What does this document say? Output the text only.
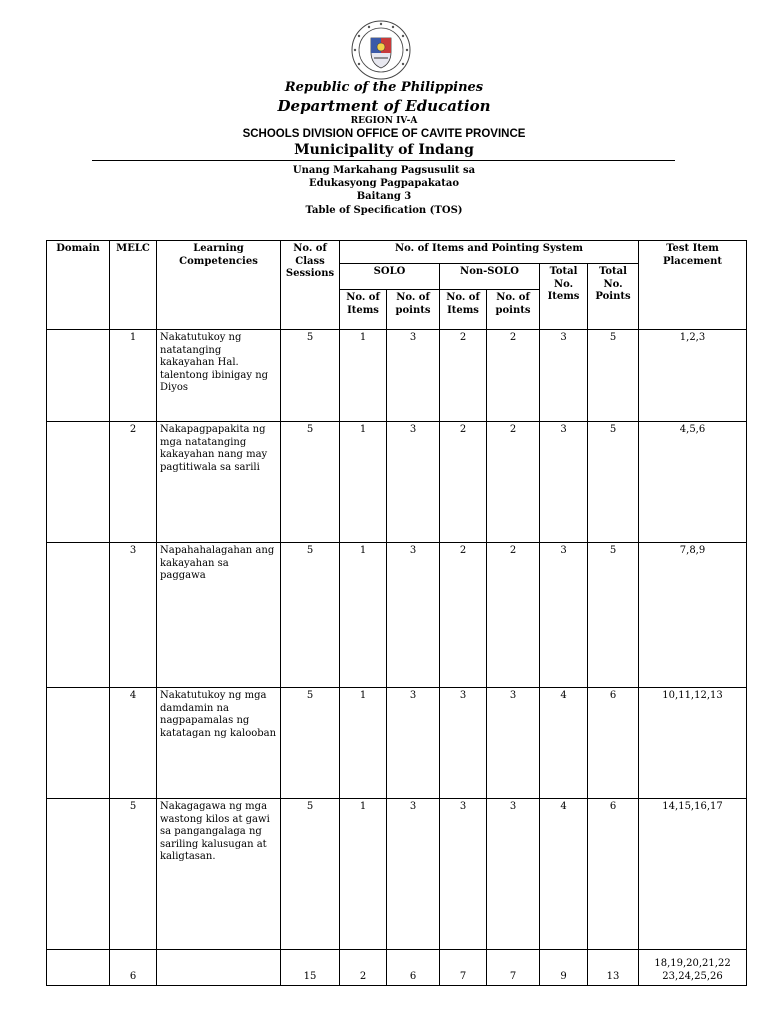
Republic of the Philippines
Department of Education
REGION IV-A
SCHOOLS DIVISION OFFICE OF CAVITE PROVINCE
Municipality of Indang
Unang Markahang Pagsusulit sa
Edukasyong Pagpapakatao
Baitang 3
Table of Specification (TOS)
Domain	MELC	Learning Competencies	No. of Class Sessions	No. of Items and Pointing System						Test Item Placement
				SOLO		Non-SOLO		Total No. Items	Total No. Points	
				No. of Items	No. of points	No. of Items	No. of points			
	1	Nakatutukoy ng natatanging kakayahan Hal. talentong ibinigay ng Diyos	5	1	3	2	2	3	5	1,2,3
	2	Nakapagpapakita ng mga natatanging kakayahan nang may pagtitiwala sa sarili	5	1	3	2	2	3	5	4,5,6
	3	Napahahalagahan ang kakayahan sa paggawa	5	1	3	2	2	3	5	7,8,9
	4	Nakatutukoy ng mga damdamin na nagpapamalas ng katatagan ng kalooban	5	1	3	3	3	4	6	10,11,12,13
	5	Nakagagawa ng mga wastong kilos at gawi sa pangangalaga ng sariling kalusugan at kaligtasan.	5	1	3	3	3	4	6	14,15,16,17
	6		15	2	6	7	7	9	13	18,19,20,21,22 23,24,25,26
